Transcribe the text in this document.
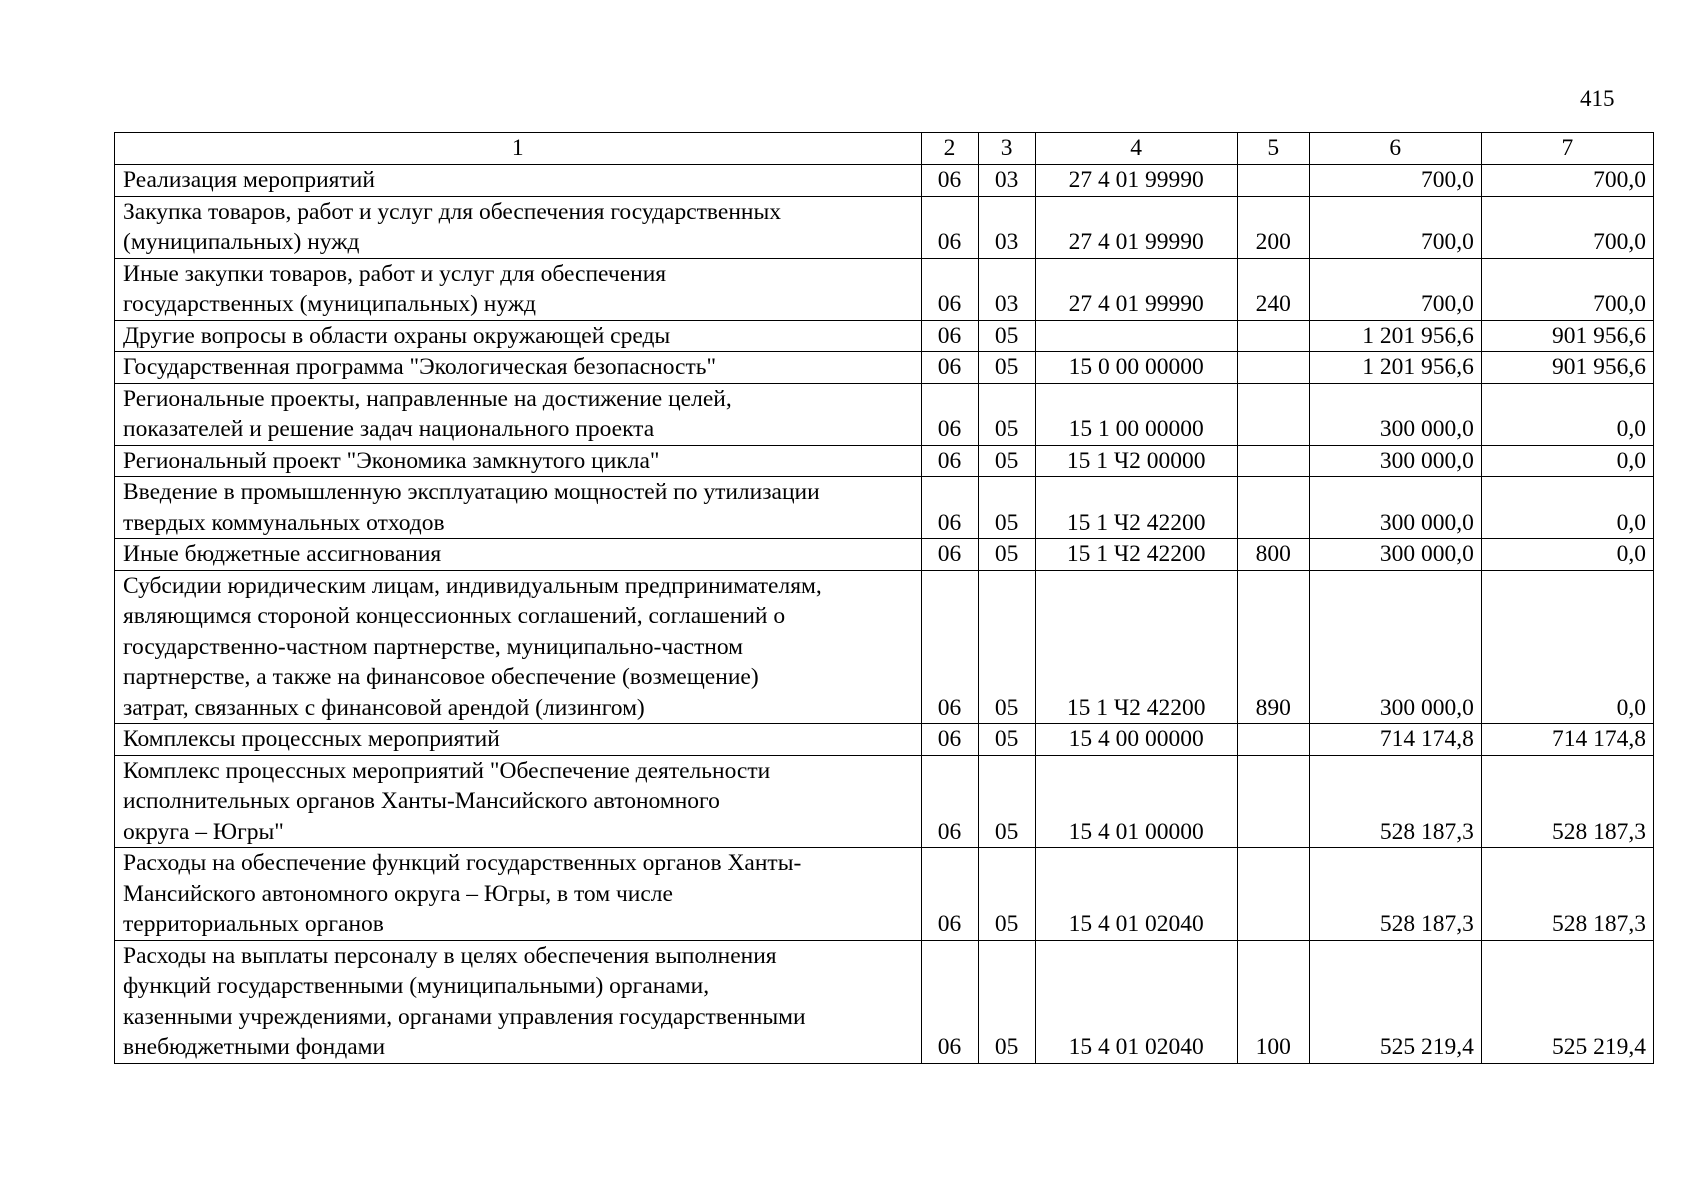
415
1	2	3	4	5	6	7
Реализация мероприятий	06	03	27 4 01 99990		700,0	700,0
Закупка товаров, работ и услуг для обеспечения государственных
(муниципальных) нужд	06	03	27 4 01 99990	200	700,0	700,0
Иные закупки товаров, работ и услуг для обеспечения
государственных (муниципальных) нужд	06	03	27 4 01 99990	240	700,0	700,0
Другие вопросы в области охраны окружающей среды	06	05			1 201 956,6	901 956,6
Государственная программа "Экологическая безопасность"	06	05	15 0 00 00000		1 201 956,6	901 956,6
Региональные проекты, направленные на достижение целей,
показателей и решение задач национального проекта	06	05	15 1 00 00000		300 000,0	0,0
Региональный проект "Экономика замкнутого цикла"	06	05	15 1 Ч2 00000		300 000,0	0,0
Введение в промышленную эксплуатацию мощностей по утилизации
твердых коммунальных отходов	06	05	15 1 Ч2 42200		300 000,0	0,0
Иные бюджетные ассигнования	06	05	15 1 Ч2 42200	800	300 000,0	0,0
Субсидии юридическим лицам, индивидуальным предпринимателям,
являющимся стороной концессионных соглашений, соглашений о
государственно-частном партнерстве, муниципально-частном
партнерстве, а также на финансовое обеспечение (возмещение)
затрат, связанных с финансовой арендой (лизингом)	06	05	15 1 Ч2 42200	890	300 000,0	0,0
Комплексы процессных мероприятий	06	05	15 4 00 00000		714 174,8	714 174,8
Комплекс процессных мероприятий "Обеспечение деятельности
исполнительных органов Ханты-Мансийского автономного
округа – Югры"	06	05	15 4 01 00000		528 187,3	528 187,3
Расходы на обеспечение функций государственных органов Ханты-
Мансийского автономного округа – Югры, в том числе
территориальных органов	06	05	15 4 01 02040		528 187,3	528 187,3
Расходы на выплаты персоналу в целях обеспечения выполнения
функций государственными (муниципальными) органами,
казенными учреждениями, органами управления государственными
внебюджетными фондами	06	05	15 4 01 02040	100	525 219,4	525 219,4
